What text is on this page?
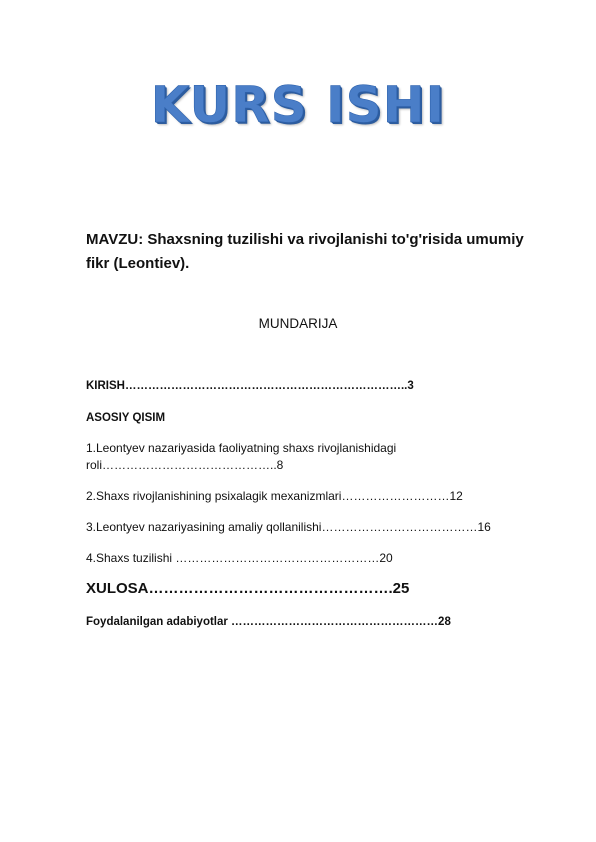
KURS ISHI
MAVZU: Shaxsning tuzilishi va rivojlanishi to'g'risida umumiy fikr (Leontiev).
MUNDARIJA
KIRISH………………………………………………………………..3
ASOSIY QISIM
1.Leontyev nazariyasida faoliyatning shaxs rivojlanishidagi roli……………………………………..8
2.Shaxs rivojlanishining psixalagik mexanizmlari………………………12
3.Leontyev nazariyasining amaliy qollanilishi…………………………………16
4.Shaxs tuzilishi ……………………………………………20
XULOSA………………………………………….25
Foydalanilgan adabiyotlar ………………………………………………28
